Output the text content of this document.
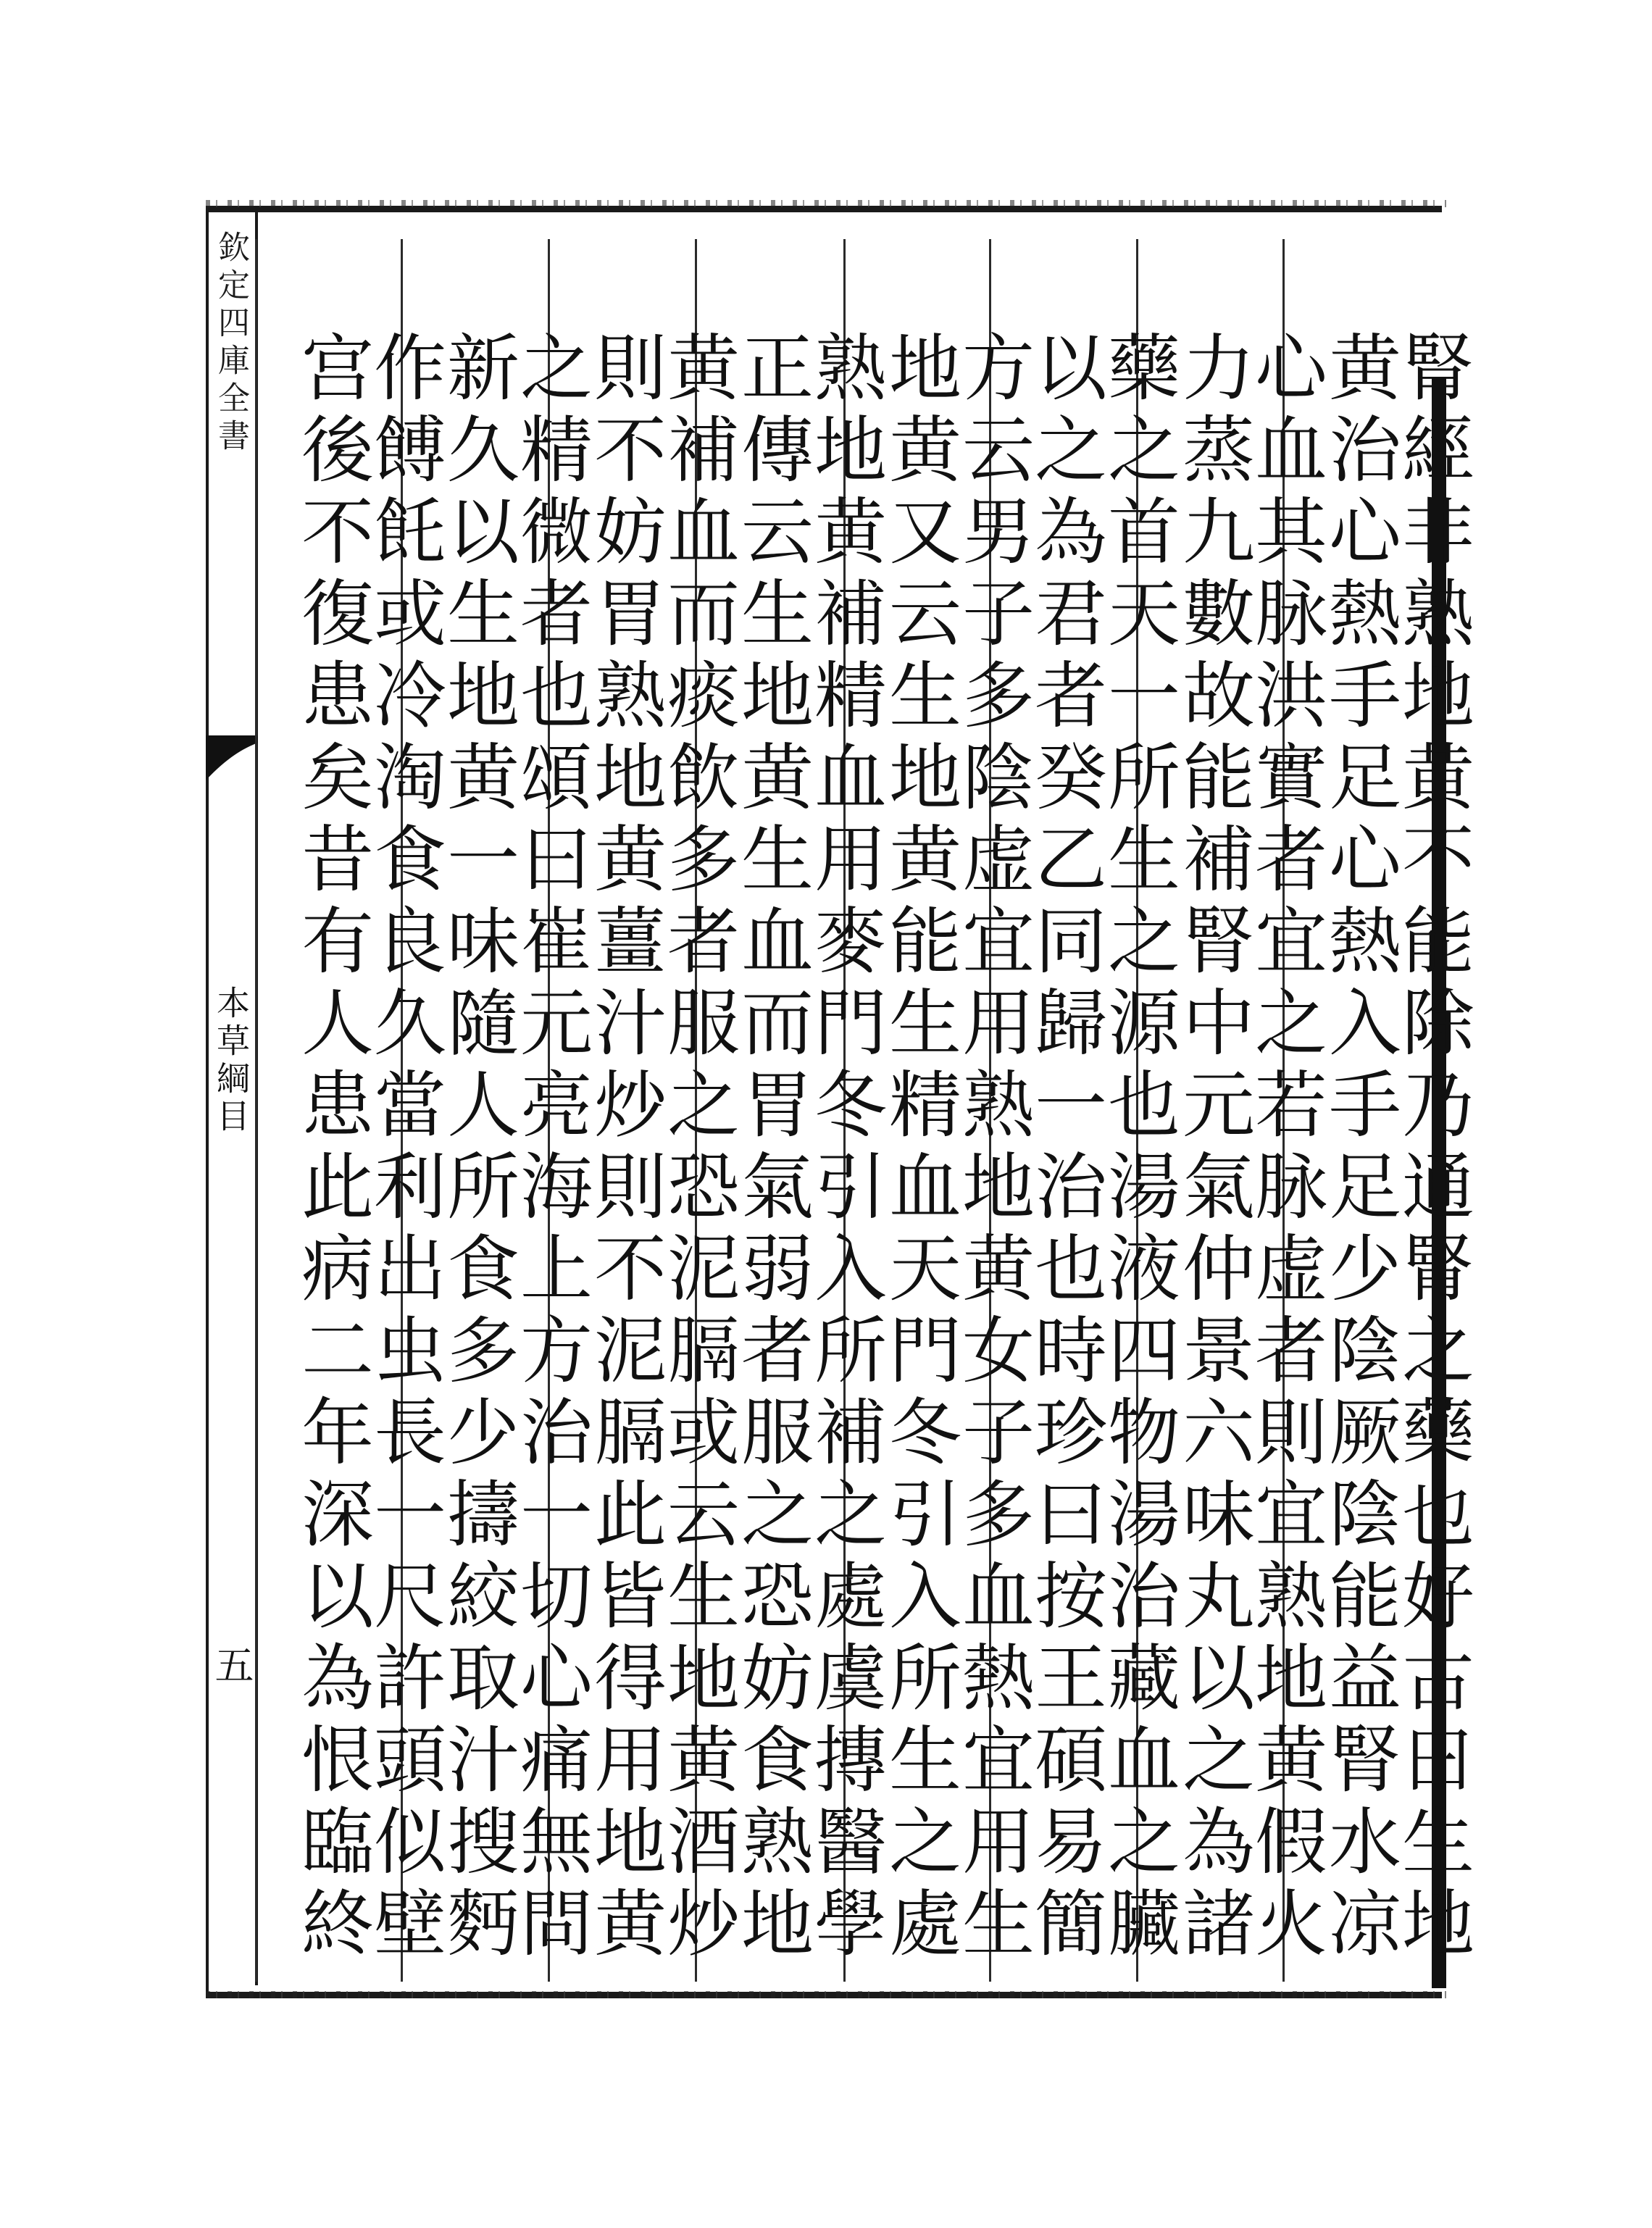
欽定四庫全書
本草綱目
五	腎經非熟地黄不能除乃通腎之藥也好古曰生地
黄治心熱手足心熱入手足少陰厥陰能益腎水凉
心血其脉洪實者宜之若脉虚者則宜熟地黄假火
力蒸九數故能補腎中元氣仲景六味丸以之為諸
藥之首天一所生之源也湯液四物湯治藏血之臟
以之為君者癸乙同歸一治也時珍曰按王碩易簡
方云男子多陰虚宜用熟地黄女子多血熱宜用生
地黄又云生地黄能生精血天門冬引入所生之處
熟地黄補精血用麥門冬引入所補之處虞摶醫學
正傳云生地黄生血而胃氣弱者服之恐妨食熟地
黄補血而痰飲多者服之恐泥膈或云生地黄酒炒
則不妨胃熟地黄薑汁炒則不泥膈此皆得用地黄
之精微者也頌曰崔元亮海上方治一切心痛無問
新久以生地黄一味隨人所食多少擣絞取汁搜麪
作餺飥或冷淘食良久當利出虫長一尺許頭似壁
宫後不復患矣昔有人患此病二年深以為恨臨終
